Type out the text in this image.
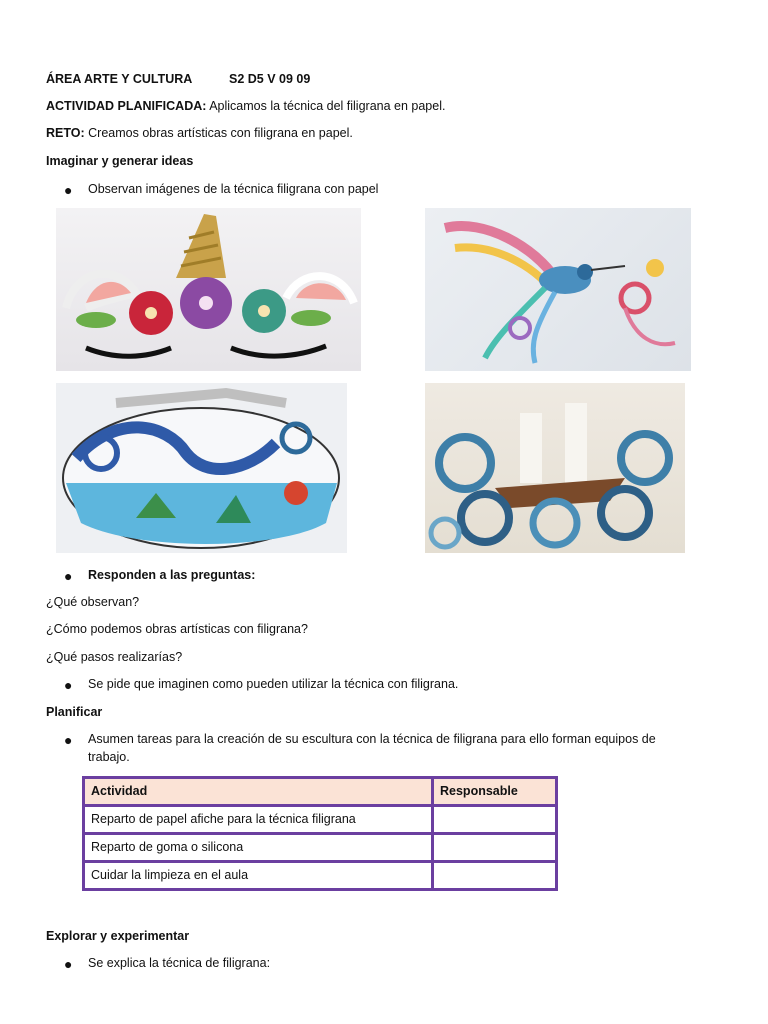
ÁREA ARTE Y CULTURA	S2 D5 V 09 09
ACTIVIDAD PLANIFICADA: Aplicamos la técnica del filigrana en papel.
RETO: Creamos obras artísticas con filigrana en papel.
Imaginar y generar ideas
● Observan imágenes de la técnica filigrana con papel
● Responden a las preguntas:
¿Qué observan?
¿Cómo podemos obras artísticas con filigrana?
¿Qué pasos realizarías?
● Se pide que imaginen como pueden utilizar la técnica con filigrana.
Planificar
● Asumen tareas para la creación de su escultura con la técnica de filigrana para ello forman equipos de
trabajo.
Actividad	Responsable
Reparto de papel afiche para la técnica filigrana	
Reparto de goma o silicona	
Cuidar la limpieza en el aula	
Explorar y experimentar
● Se explica la técnica de filigrana:
